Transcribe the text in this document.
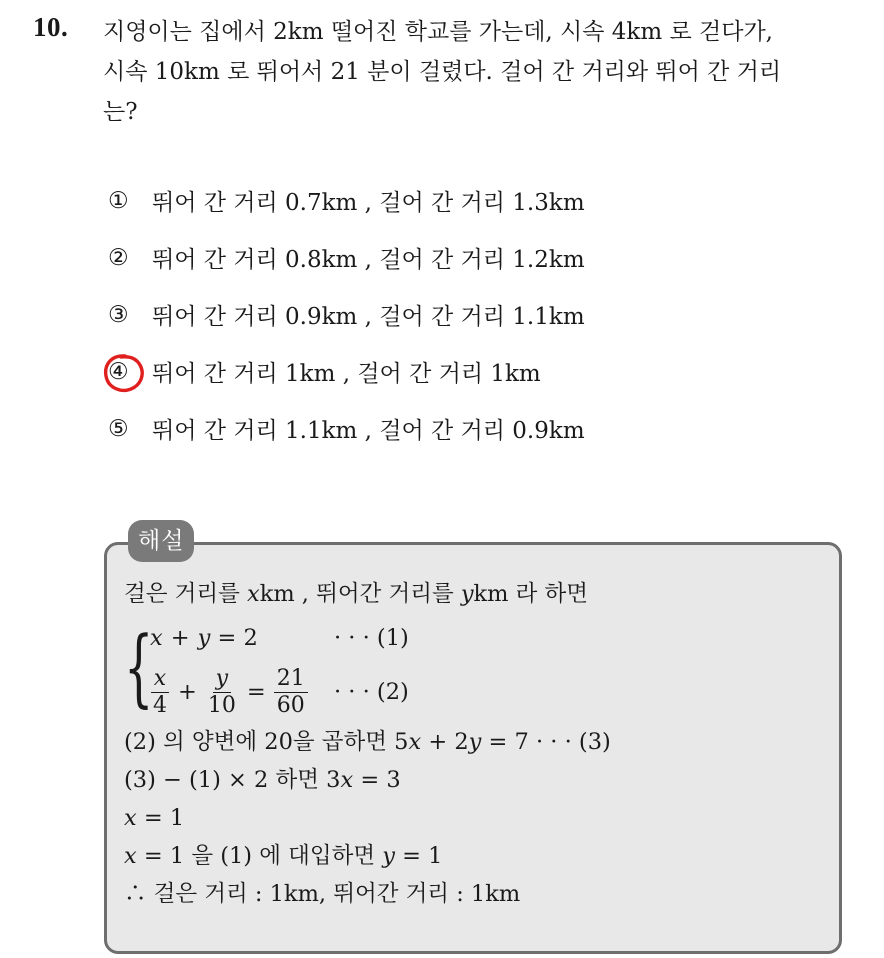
10. 지영이는 집에서 2km 떨어진 학교를 가는데, 시속 4km 로 걷다가,
시속 10km 로 뛰어서 21 분이 걸렸다. 걸어 간 거리와 뛰어 간 거리
는?
①	뛰어 간 거리 0.7km , 걸어 간 거리 1.3km
②	뛰어 간 거리 0.8km , 걸어 간 거리 1.2km
③	뛰어 간 거리 0.9km , 걸어 간 거리 1.1km
④	뛰어 간 거리 1km , 걸어 간 거리 1km
⑤	뛰어 간 거리 1.1km , 걸어 간 거리 0.9km
해설
걸은 거리를 xkm , 뛰어간 거리를 ykm 라 하면
{
x + y = 2	· · · (1)
$\frac{x}{4} + \frac{y}{10} = \frac{21}{60}$ · · · (2)
(2) 의 양변에 20을 곱하면 5x + 2y = 7 · · · (3)
(3) − (1) × 2 하면 3x = 3
x = 1
x = 1 을 (1) 에 대입하면 y = 1
∴ 걸은 거리 : 1km, 뛰어간 거리 : 1km
